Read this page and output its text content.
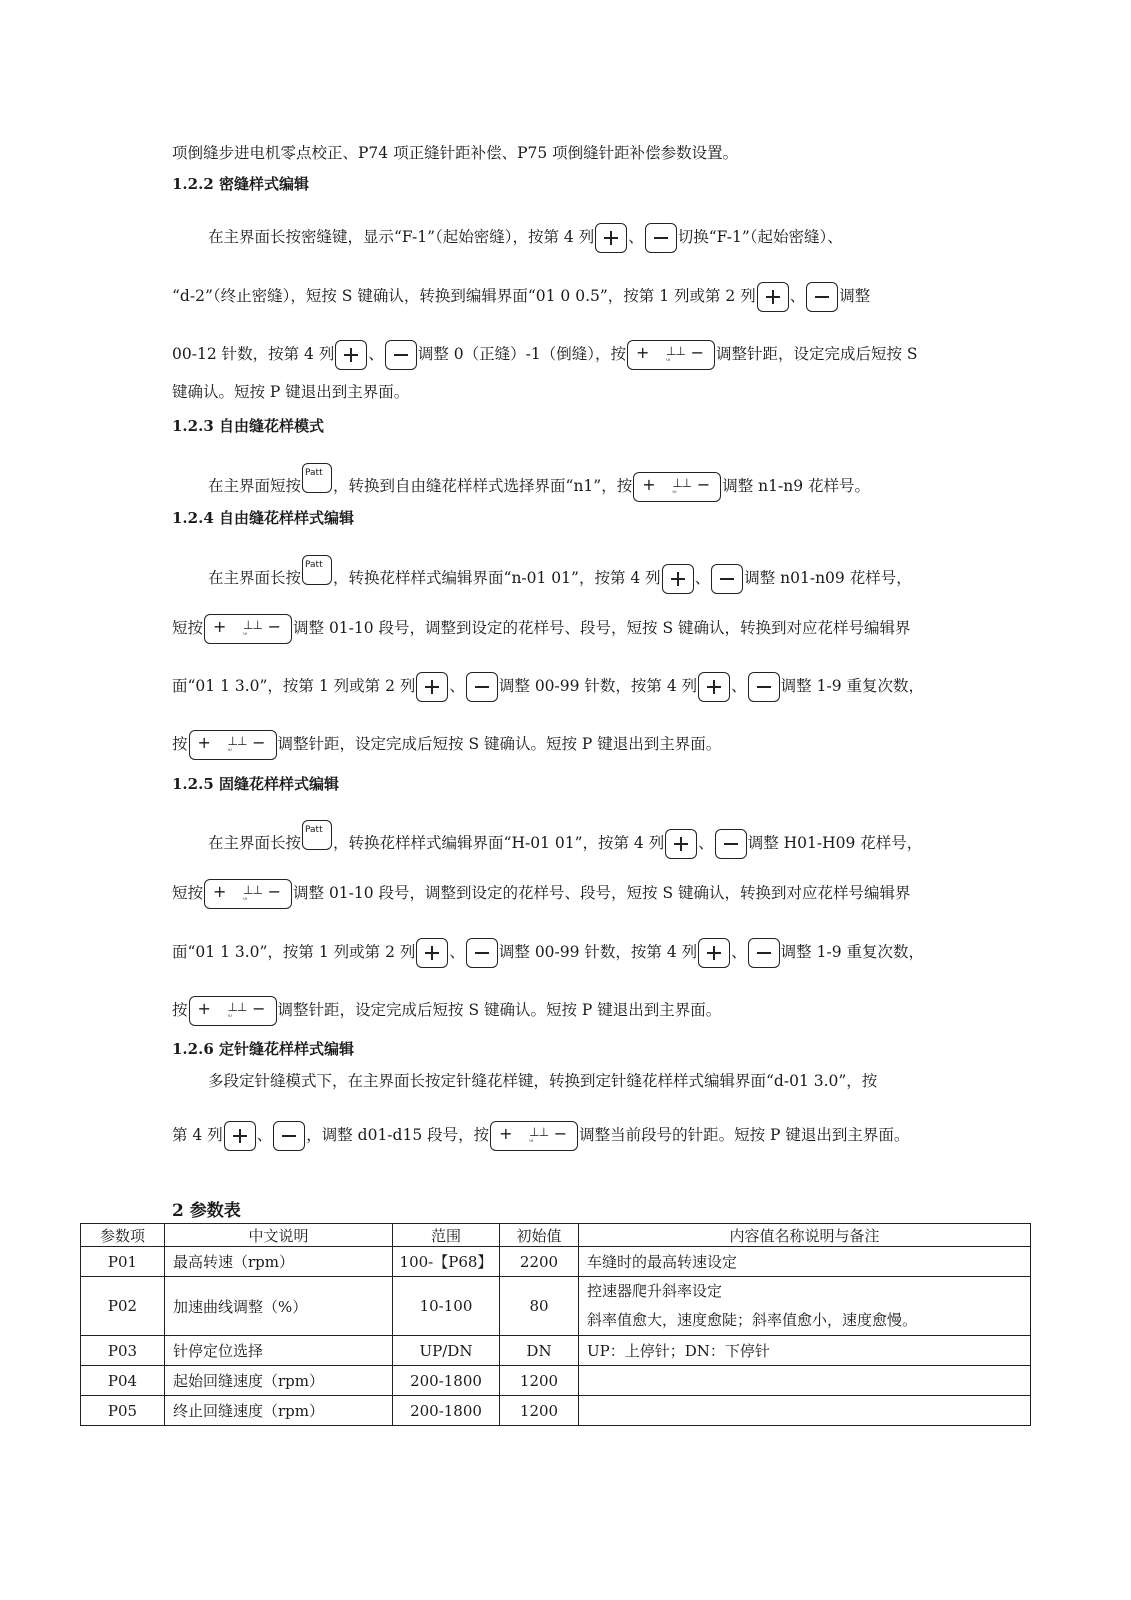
项倒缝步进电机零点校正、P74 项正缝针距补偿、P75 项倒缝针距补偿参数设置。
1.2.2 密缝样式编辑
在主界面长按密缝键，显示“F-1”（起始密缝），按第 4 列 、 切换“F-1”（起始密缝）、
“d-2”（终止密缝），短按 S 键确认，转换到编辑界面“01 0 0.5”，按第 1 列或第 2 列 、 调整
00-12 针数，按第 4 列 、 调整 0（正缝）-1（倒缝），按 + ⊥⊥
ᵚ − 调整针距，设定完成后短按 S
键确认。短按 P 键退出到主界面。
1.2.3 自由缝花样模式
在主界面短按
Patt
，转换到自由缝花样样式选择界面“n1”，按 + ⊥⊥
ᵚ − 调整 n1-n9 花样号。
1.2.4 自由缝花样样式编辑
在主界面长按
Patt
，转换花样样式编辑界面“n-01 01”，按第 4 列 、 调整 n01-n09 花样号，
短按 + ⊥⊥
ᵚ − 调整 01-10 段号，调整到设定的花样号、段号，短按 S 键确认，转换到对应花样号编辑界
面“01 1 3.0”，按第 1 列或第 2 列 、 调整 00-99 针数，按第 4 列 、 调整 1-9 重复次数，
按 + ⊥⊥
ᵚ − 调整针距，设定完成后短按 S 键确认。短按 P 键退出到主界面。
1.2.5 固缝花样样式编辑
在主界面长按
Patt
，转换花样样式编辑界面“H-01 01”，按第 4 列 、 调整 H01-H09 花样号，
短按 + ⊥⊥
ᵚ − 调整 01-10 段号，调整到设定的花样号、段号，短按 S 键确认，转换到对应花样号编辑界
面“01 1 3.0”，按第 1 列或第 2 列 、 调整 00-99 针数，按第 4 列 、 调整 1-9 重复次数，
按 + ⊥⊥
ᵚ − 调整针距，设定完成后短按 S 键确认。短按 P 键退出到主界面。
1.2.6 定针缝花样样式编辑
多段定针缝模式下，在主界面长按定针缝花样键，转换到定针缝花样样式编辑界面“d-01 3.0”，按
第 4 列 、 ，调整 d01-d15 段号，按 + ⊥⊥
ᵚ − 调整当前段号的针距。短按 P 键退出到主界面。
2 参数表
参数项	中文说明	范围	初始值	内容值名称说明与备注
P01	最高转速（rpm）	100-【P68】	2200	车缝时的最高转速设定
P02	加速曲线调整（%）	10-100	80	控速器爬升斜率设定
斜率值愈大，速度愈陡；斜率值愈小，速度愈慢。

P03	针停定位选择	UP/DN	DN	UP：上停针；DN：下停针
P04	起始回缝速度（rpm）	200-1800	1200	
P05	终止回缝速度（rpm）	200-1800	1200	
